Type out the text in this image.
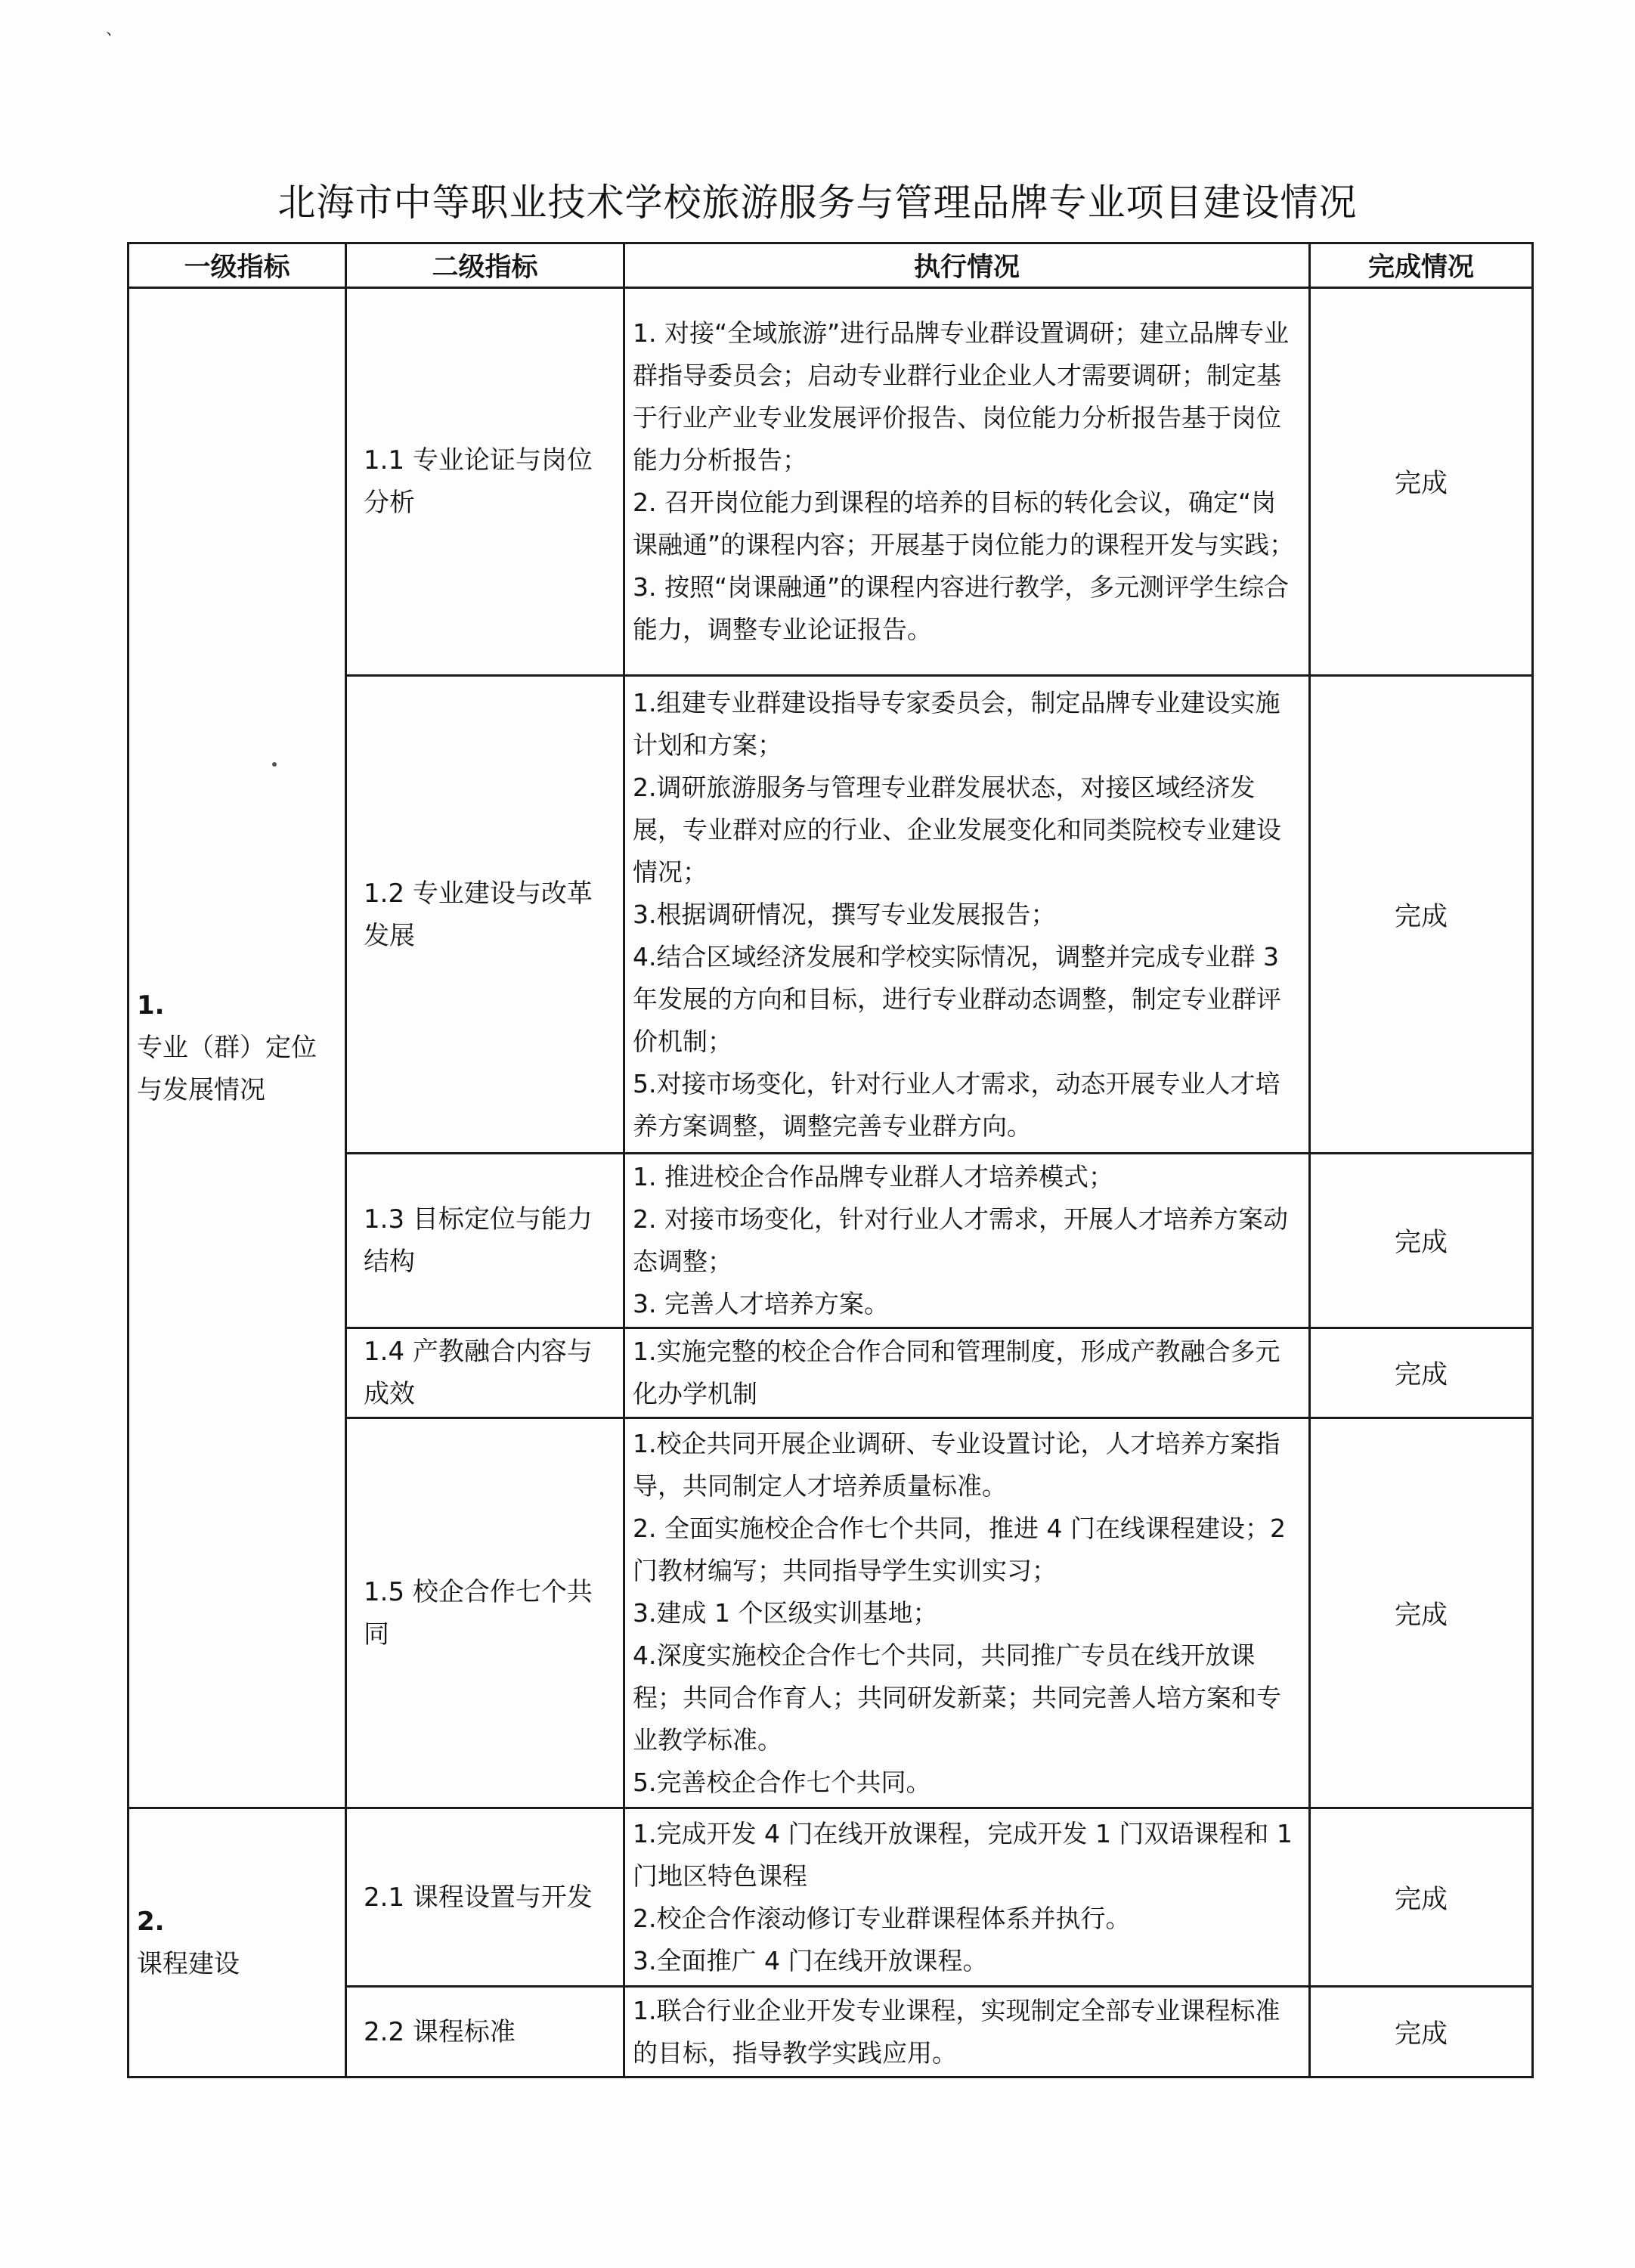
、
北海市中等职业技术学校旅游服务与管理品牌专业项目建设情况
一级指标	二级指标	执行情况	完成情况

1.
专业（群）定位与发展情况	1.1 专业论证与岗位分析	1. 对接“全域旅游”进行品牌专业群设置调研；建立品牌专业群指导委员会；启动专业群行业企业人才需要调研；制定基于行业产业专业发展评价报告、岗位能力分析报告基于岗位能力分析报告；
2. 召开岗位能力到课程的培养的目标的转化会议，确定“岗课融通”的课程内容；开展基于岗位能力的课程开发与实践；
3. 按照“岗课融通”的课程内容进行教学，多元测评学生综合能力，调整专业论证报告。	完成
	1.2 专业建设与改革发展	1.组建专业群建设指导专家委员会，制定品牌专业建设实施计划和方案；
2.调研旅游服务与管理专业群发展状态，对接区域经济发展，专业群对应的行业、企业发展变化和同类院校专业建设情况；
3.根据调研情况，撰写专业发展报告；
4.结合区域经济发展和学校实际情况，调整并完成专业群 3 年发展的方向和目标，进行专业群动态调整，制定专业群评价机制；
5.对接市场变化，针对行业人才需求，动态开展专业人才培养方案调整，调整完善专业群方向。	完成
	1.3 目标定位与能力结构	1. 推进校企合作品牌专业群人才培养模式；
2. 对接市场变化，针对行业人才需求，开展人才培养方案动态调整；
3. 完善人才培养方案。	完成
	1.4 产教融合内容与成效	1.实施完整的校企合作合同和管理制度，形成产教融合多元化办学机制	完成
	1.5 校企合作七个共同	1.校企共同开展企业调研、专业设置讨论，人才培养方案指导，共同制定人才培养质量标准。
2. 全面实施校企合作七个共同，推进 4 门在线课程建设；2 门教材编写；共同指导学生实训实习；
3.建成 1 个区级实训基地；
4.深度实施校企合作七个共同，共同推广专员在线开放课程；共同合作育人；共同研发新菜；共同完善人培方案和专业教学标准。
5.完善校企合作七个共同。	完成

2.
课程建设	2.1 课程设置与开发	1.完成开发 4 门在线开放课程，完成开发 1 门双语课程和 1 门地区特色课程
2.校企合作滚动修订专业群课程体系并执行。
3.全面推广 4 门在线开放课程。	完成
	2.2 课程标准	1.联合行业企业开发专业课程，实现制定全部专业课程标准的目标，指导教学实践应用。	完成
